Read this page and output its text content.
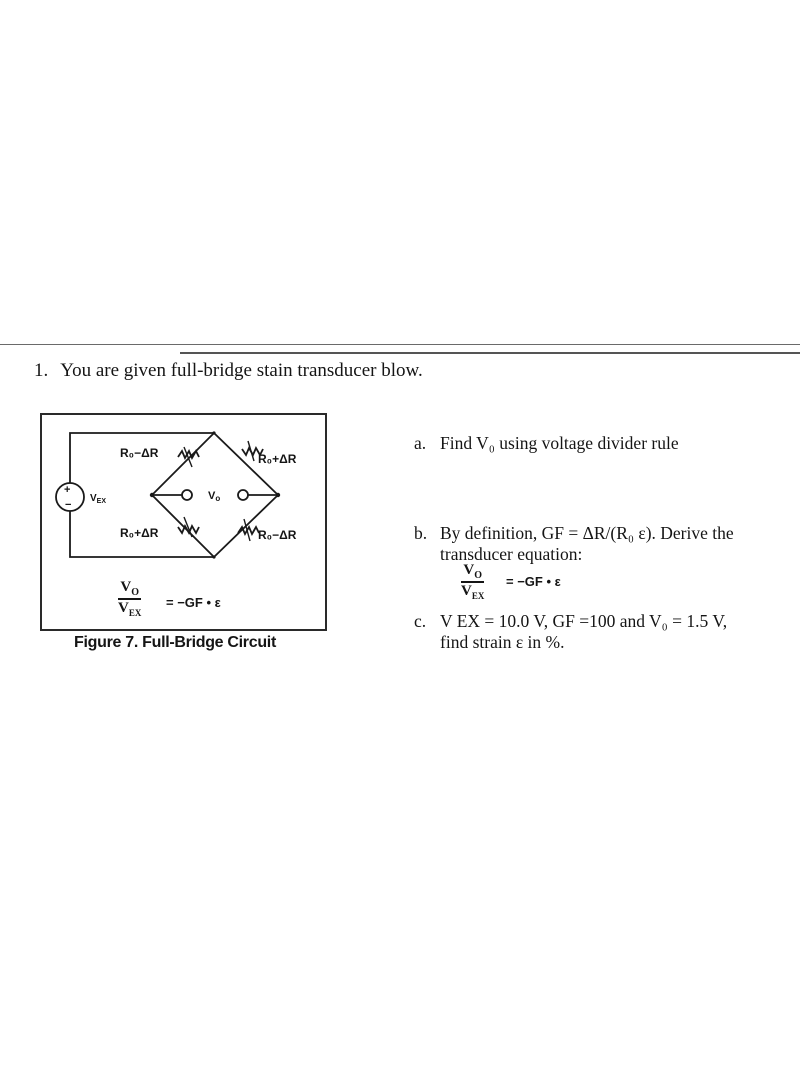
1. You are given full-bridge stain transducer blow.
+
−
$V_{EX}$
R₀−ΔR	R₀+ΔR
R₀+ΔR	R₀−ΔR
Vo
$V_O$
$V_{EX}$
= −GF • ε
Figure 7. Full-Bridge Circuit
a. Find V₀ using voltage divider rule
b. By definition, GF = ΔR/(R₀ ε). Derive the
transducer equation:
$V_O$
$V_{EX}$
= −GF • ε
c. V EX = 10.0 V, GF =100 and V₀ = 1.5 V,
find strain ε in %.
